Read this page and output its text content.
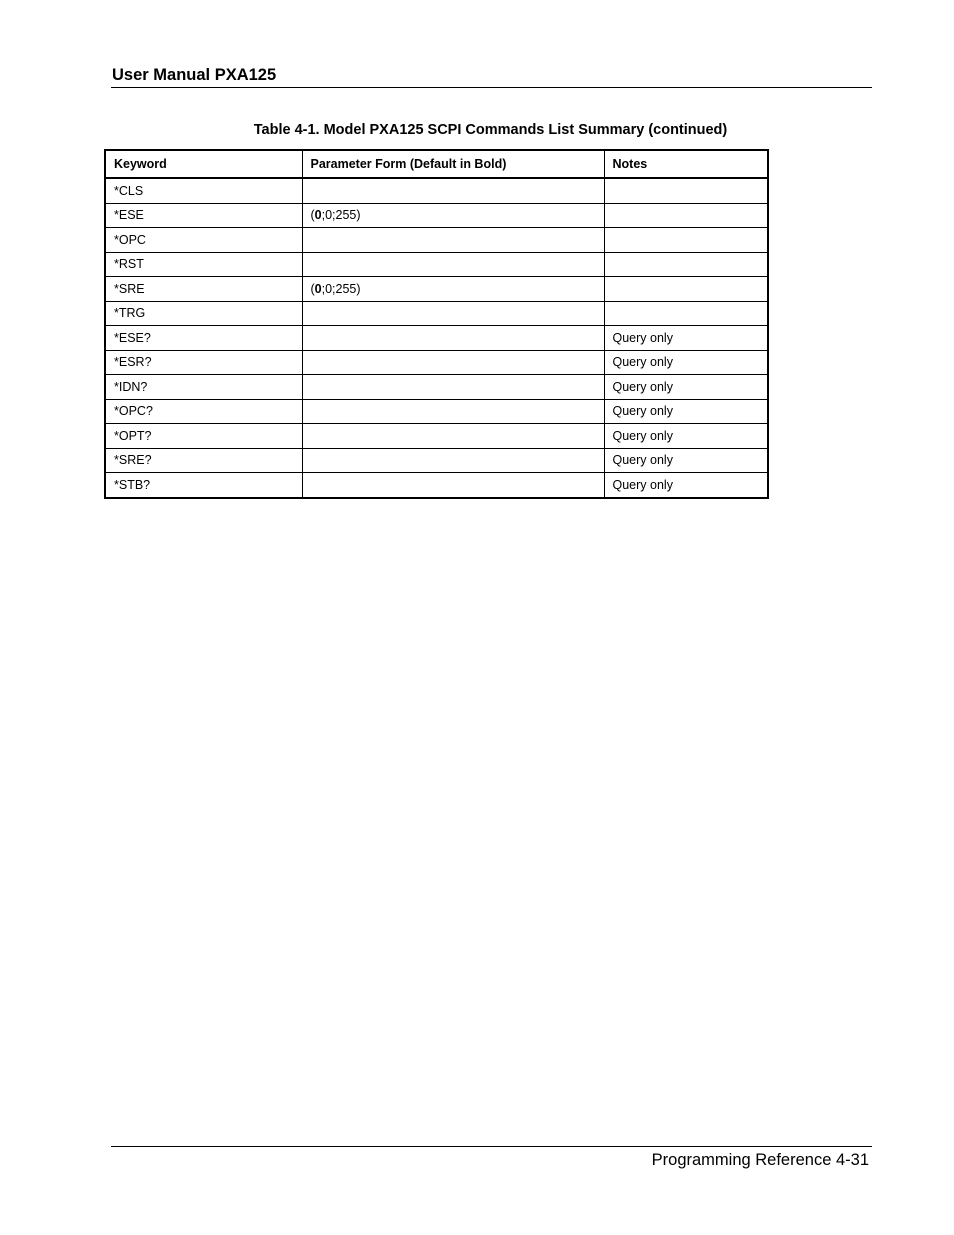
User Manual PXA125
Table 4-1. Model PXA125 SCPI Commands List Summary (continued)
Keyword	Parameter Form (Default in Bold)	Notes
*CLS		
*ESE	(0;0;255)	
*OPC		
*RST		
*SRE	(0;0;255)	
*TRG		
*ESE?		Query only
*ESR?		Query only
*IDN?		Query only
*OPC?		Query only
*OPT?		Query only
*SRE?		Query only
*STB?		Query only
Programming Reference 4-31
